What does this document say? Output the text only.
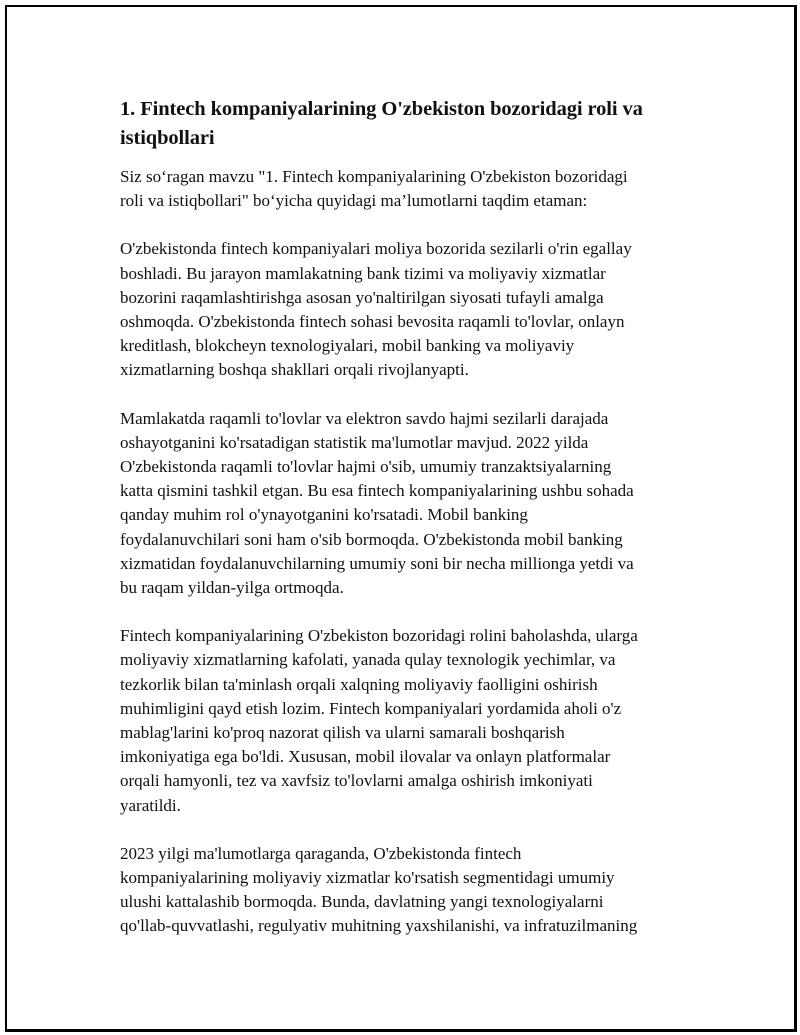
1. Fintech kompaniyalarining O'zbekiston bozoridagi roli va
istiqbollari

Siz so‘ragan mavzu "1. Fintech kompaniyalarining O'zbekiston bozoridagi
roli va istiqbollari" bo‘yicha quyidagi ma’lumotlarni taqdim etaman:

O'zbekistonda fintech kompaniyalari moliya bozorida sezilarli o'rin egallay
boshladi. Bu jarayon mamlakatning bank tizimi va moliyaviy xizmatlar
bozorini raqamlashtirishga asosan yo'naltirilgan siyosati tufayli amalga
oshmoqda. O'zbekistonda fintech sohasi bevosita raqamli to'lovlar, onlayn
kreditlash, blokcheyn texnologiyalari, mobil banking va moliyaviy
xizmatlarning boshqa shakllari orqali rivojlanyapti.

Mamlakatda raqamli to'lovlar va elektron savdo hajmi sezilarli darajada
oshayotganini ko'rsatadigan statistik ma'lumotlar mavjud. 2022 yilda
O'zbekistonda raqamli to'lovlar hajmi o'sib, umumiy tranzaktsiyalarning
katta qismini tashkil etgan. Bu esa fintech kompaniyalarining ushbu sohada
qanday muhim rol o'ynayotganini ko'rsatadi. Mobil banking
foydalanuvchilari soni ham o'sib bormoqda. O'zbekistonda mobil banking
xizmatidan foydalanuvchilarning umumiy soni bir necha millionga yetdi va
bu raqam yildan-yilga ortmoqda.

Fintech kompaniyalarining O'zbekiston bozoridagi rolini baholashda, ularga
moliyaviy xizmatlarning kafolati, yanada qulay texnologik yechimlar, va
tezkorlik bilan ta'minlash orqali xalqning moliyaviy faolligini oshirish
muhimligini qayd etish lozim. Fintech kompaniyalari yordamida aholi o'z
mablag'larini ko'proq nazorat qilish va ularni samarali boshqarish
imkoniyatiga ega bo'ldi. Xususan, mobil ilovalar va onlayn platformalar
orqali hamyonli, tez va xavfsiz to'lovlarni amalga oshirish imkoniyati
yaratildi.

2023 yilgi ma'lumotlarga qaraganda, O'zbekistonda fintech
kompaniyalarining moliyaviy xizmatlar ko'rsatish segmentidagi umumiy
ulushi kattalashib bormoqda. Bunda, davlatning yangi texnologiyalarni
qo'llab-quvvatlashi, regulyativ muhitning yaxshilanishi, va infratuzilmaning
